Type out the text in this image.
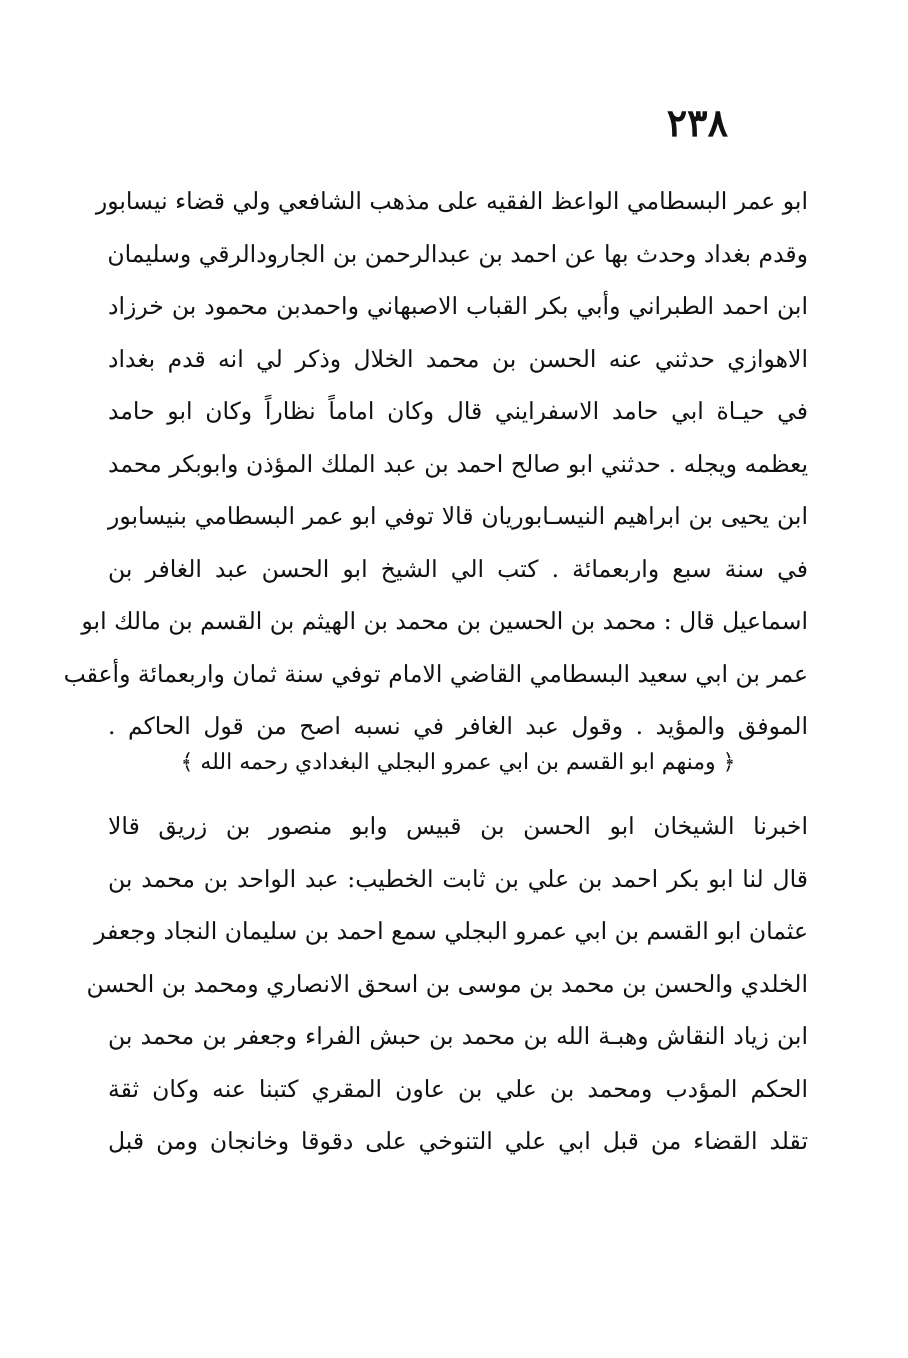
٢٣٨
ابو عمر البسطامي الواعظ الفقيه على مذهب الشافعي ولي قضاء نيسابور
وقدم بغداد وحدث بها عن احمد بن عبدالرحمن بن الجارودالرقي وسليمان
ابن احمد الطبراني وأبي بكر القباب الاصبهاني واحمدبن محمود بن خرزاد
الاهوازي حدثني عنه الحسن بن محمد الخلال وذكر لي انه قدم بغداد
في حيـاة ابي حامد الاسفرايني قال وكان اماماً نظاراً وكان ابو حامد
يعظمه ويجله . حدثني ابو صالح احمد بن عبد الملك المؤذن وابوبكر محمد
ابن يحيى بن ابراهيم النيسـابوريان قالا توفي ابو عمر البسطامي بنيسابور
في سنة سبع واربعمائة . كتب الي الشيخ ابو الحسن عبد الغافر بن
اسماعيل قال : محمد بن الحسين بن محمد بن الهيثم بن القسم بن مالك ابو
عمر بن ابي سعيد البسطامي القاضي الامام توفي سنة ثمان واربعمائة وأعقب
الموفق والمؤيد . وقول عبد الغافر في نسبه اصح من قول الحاكم .
﴿ ومنهم ابو القسم بن ابي عمرو البجلي البغدادي رحمه الله ﴾
اخبرنا الشيخان ابو الحسن بن قبيس وابو منصور بن زريق قالا
قال لنا ابو بكر احمد بن علي بن ثابت الخطيب: عبد الواحد بن محمد بن
عثمان ابو القسم بن ابي عمرو البجلي سمع احمد بن سليمان النجاد وجعفر
الخلدي والحسن بن محمد بن موسى بن اسحق الانصاري ومحمد بن الحسن
ابن زياد النقاش وهبـة الله بن محمد بن حبش الفراء وجعفر بن محمد بن
الحكم المؤدب ومحمد بن علي بن عاون المقري كتبنا عنه وكان ثقة
تقلد القضاء من قبل ابي علي التنوخي على دقوقا وخانجان ومن قبل
